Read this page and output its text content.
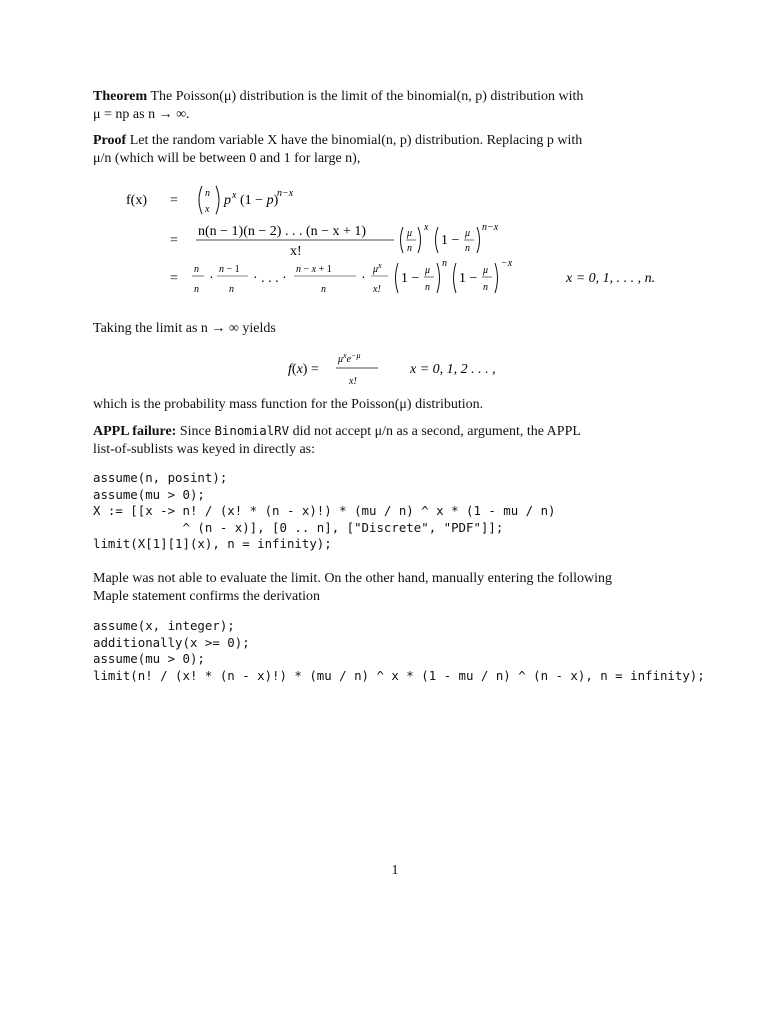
Theorem The Poisson(μ) distribution is the limit of the binomial(n, p) distribution with
μ = np as n → ∞.
Proof Let the random variable X have the binomial(n, p) distribution. Replacing p with
μ/n (which will be between 0 and 1 for large n),
f(x) =	n
x
p x (1 − p)
n−x
=
n(n − 1)(n − 2) . . . (n − x + 1)
x!
μ
n
x
1 − μ
n
n−x
=
n
n
·
n − 1
n
· . . . ·
n − x + 1
n
·
$\mu^x$
x!
1 −
μ
n
n
1 −
μ
n
−x
x = 0, 1, . . . , n.
Taking the limit as n → ∞ yields
f(x) =
$\mu^xe^{-\mu}$
x!
x = 0, 1, 2 . . . ,
which is the probability mass function for the Poisson(μ) distribution.
APPL failure: Since BinomialRV did not accept μ/n as a second, argument, the APPL
list-of-sublists was keyed in directly as:
assume(n, posint);
assume(mu > 0);
X := [[x -> n! / (x! * (n - x)!) * (mu / n) ^ x * (1 - mu / n)
^ (n - x)], [0 .. n], ["Discrete", "PDF"]];
limit(X[1][1](x), n = infinity);
Maple was not able to evaluate the limit. On the other hand, manually entering the following
Maple statement confirms the derivation
assume(x, integer);
additionally(x >= 0);
assume(mu > 0);
limit(n! / (x! * (n - x)!) * (mu / n) ^ x * (1 - mu / n) ^ (n - x), n = infinity);
1
